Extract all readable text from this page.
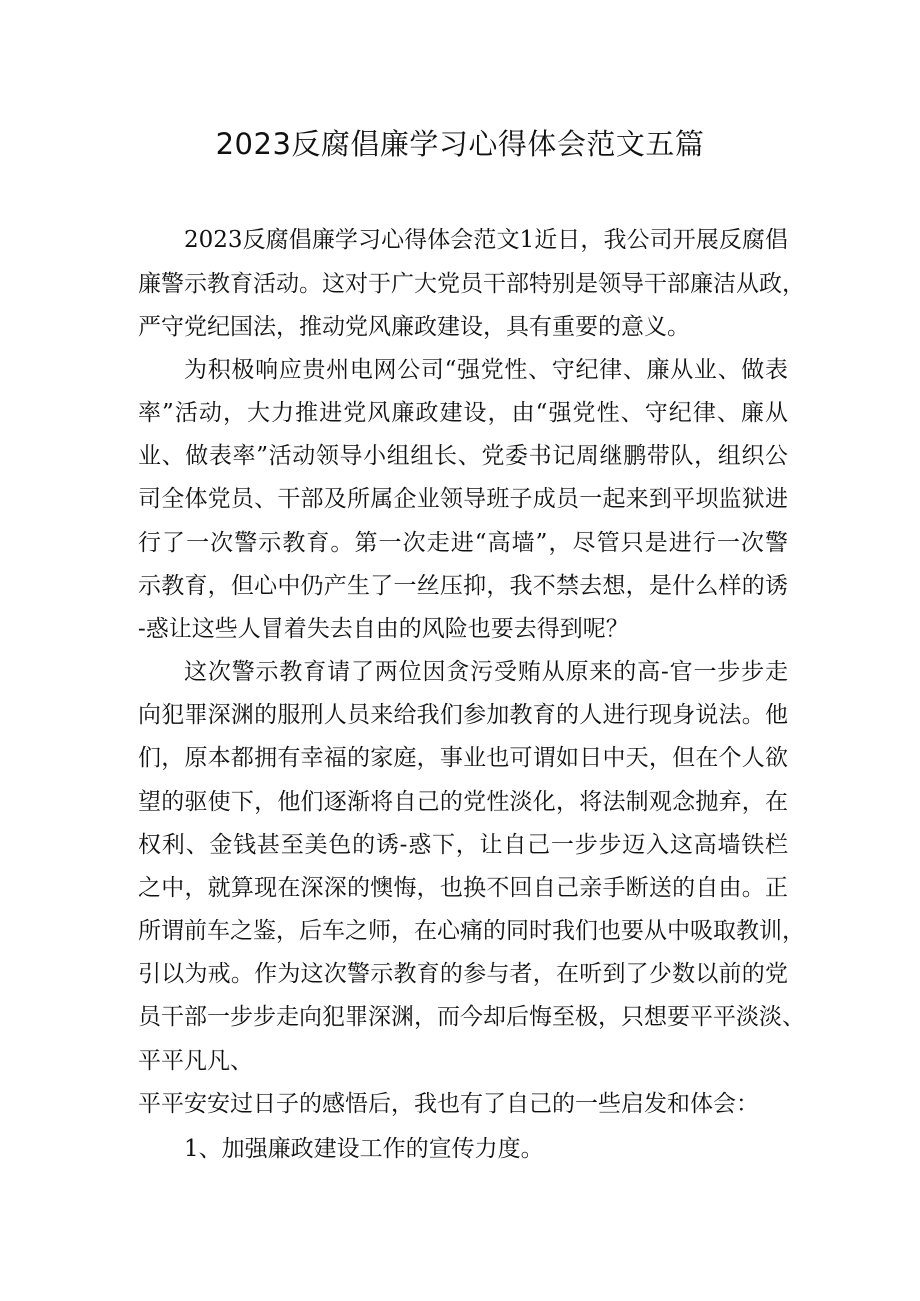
2023反腐倡廉学习心得体会范文五篇

2023反腐倡廉学习心得体会范文1近日，我公司开展反腐倡

廉警示教育活动。这对于广大党员干部特别是领导干部廉洁从政，

严守党纪国法，推动党风廉政建设，具有重要的意义。

为积极响应贵州电网公司“强党性、守纪律、廉从业、做表

率”活动，大力推进党风廉政建设，由“强党性、守纪律、廉从

业、做表率”活动领导小组组长、党委书记周继鹏带队，组织公

司全体党员、干部及所属企业领导班子成员一起来到平坝监狱进

行了一次警示教育。第一次走进“高墙”，尽管只是进行一次警

示教育，但心中仍产生了一丝压抑，我不禁去想，是什么样的诱

-惑让这些人冒着失去自由的风险也要去得到呢？

这次警示教育请了两位因贪污受贿从原来的高-官一步步走

向犯罪深渊的服刑人员来给我们参加教育的人进行现身说法。他

们，原本都拥有幸福的家庭，事业也可谓如日中天，但在个人欲

望的驱使下，他们逐渐将自己的党性淡化，将法制观念抛弃，在

权利、金钱甚至美色的诱-惑下，让自己一步步迈入这高墙铁栏

之中，就算现在深深的懊悔，也换不回自己亲手断送的自由。正

所谓前车之鉴，后车之师，在心痛的同时我们也要从中吸取教训，

引以为戒。作为这次警示教育的参与者，在听到了少数以前的党

员干部一步步走向犯罪深渊，而今却后悔至极，只想要平平淡淡、

平平凡凡、

平平安安过日子的感悟后，我也有了自己的一些启发和体会：

1、加强廉政建设工作的宣传力度。
